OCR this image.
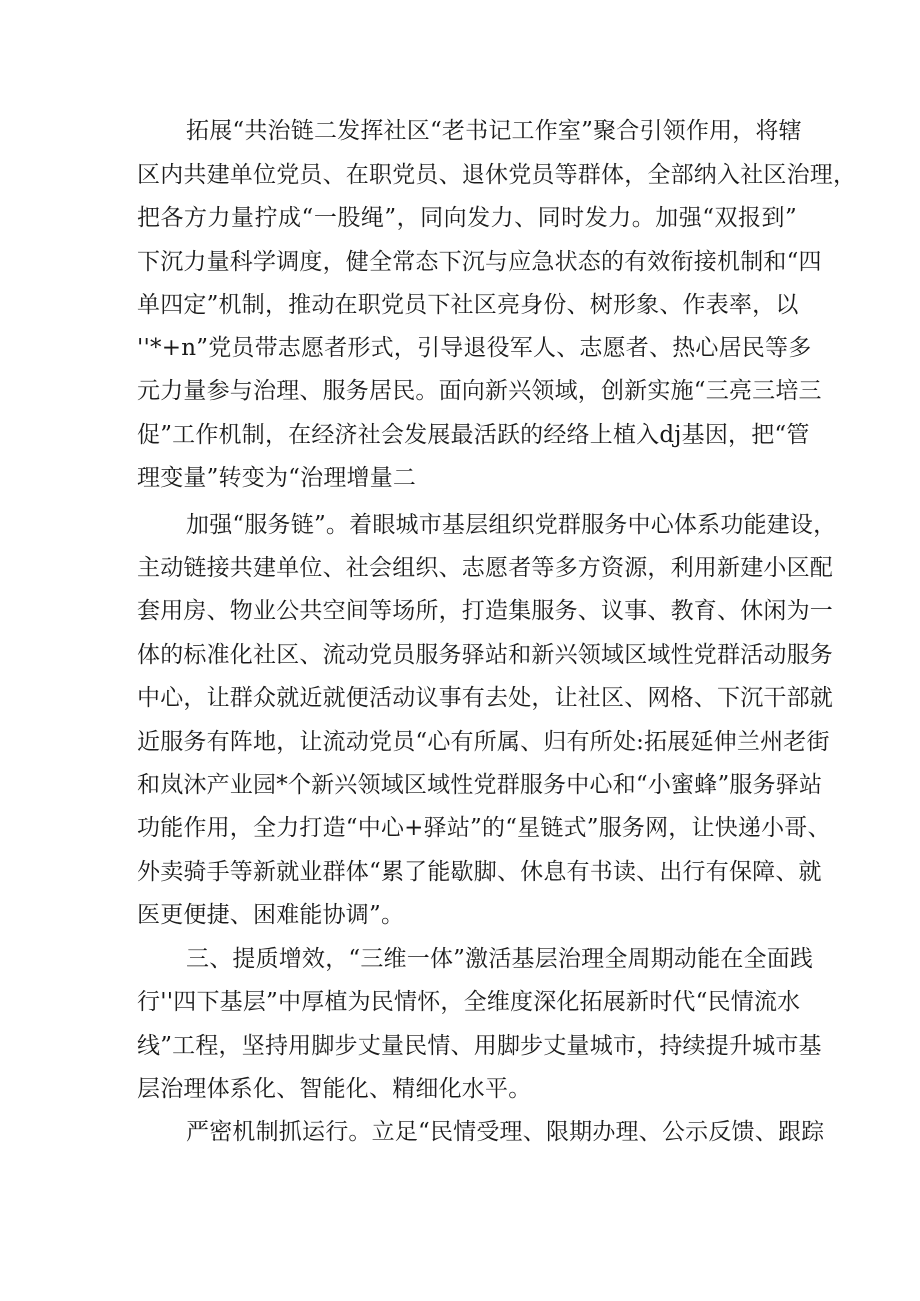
拓展“共治链二发挥社区“老书记工作室”聚合引领作用，将辖
区内共建单位党员、在职党员、退休党员等群体，全部纳入社区治理，
把各方力量拧成“一股绳”，同向发力、同时发力。加强“双报到”
下沉力量科学调度，健全常态下沉与应急状态的有效衔接机制和“四
单四定”机制，推动在职党员下社区亮身份、树形象、作表率，以
''*+n”党员带志愿者形式，引导退役军人、志愿者、热心居民等多
元力量参与治理、服务居民。面向新兴领域，创新实施“三亮三培三
促”工作机制，在经济社会发展最活跃的经络上植入dj基因，把“管
理变量”转变为“治理增量二
加强“服务链”。着眼城市基层组织党群服务中心体系功能建设，
主动链接共建单位、社会组织、志愿者等多方资源，利用新建小区配
套用房、物业公共空间等场所，打造集服务、议事、教育、休闲为一
体的标准化社区、流动党员服务驿站和新兴领域区域性党群活动服务
中心，让群众就近就便活动议事有去处，让社区、网格、下沉干部就
近服务有阵地，让流动党员“心有所属、归有所处:拓展延伸兰州老街
和岚沐产业园*个新兴领域区域性党群服务中心和“小蜜蜂”服务驿站
功能作用，全力打造“中心+驿站”的“星链式”服务网，让快递小哥、
外卖骑手等新就业群体“累了能歇脚、休息有书读、出行有保障、就
医更便捷、困难能协调”。
三、提质增效，“三维一体”激活基层治理全周期动能在全面践
行''四下基层”中厚植为民情怀，全维度深化拓展新时代“民情流水
线”工程，坚持用脚步丈量民情、用脚步丈量城市，持续提升城市基
层治理体系化、智能化、精细化水平。
严密机制抓运行。立足“民情受理、限期办理、公示反馈、跟踪
